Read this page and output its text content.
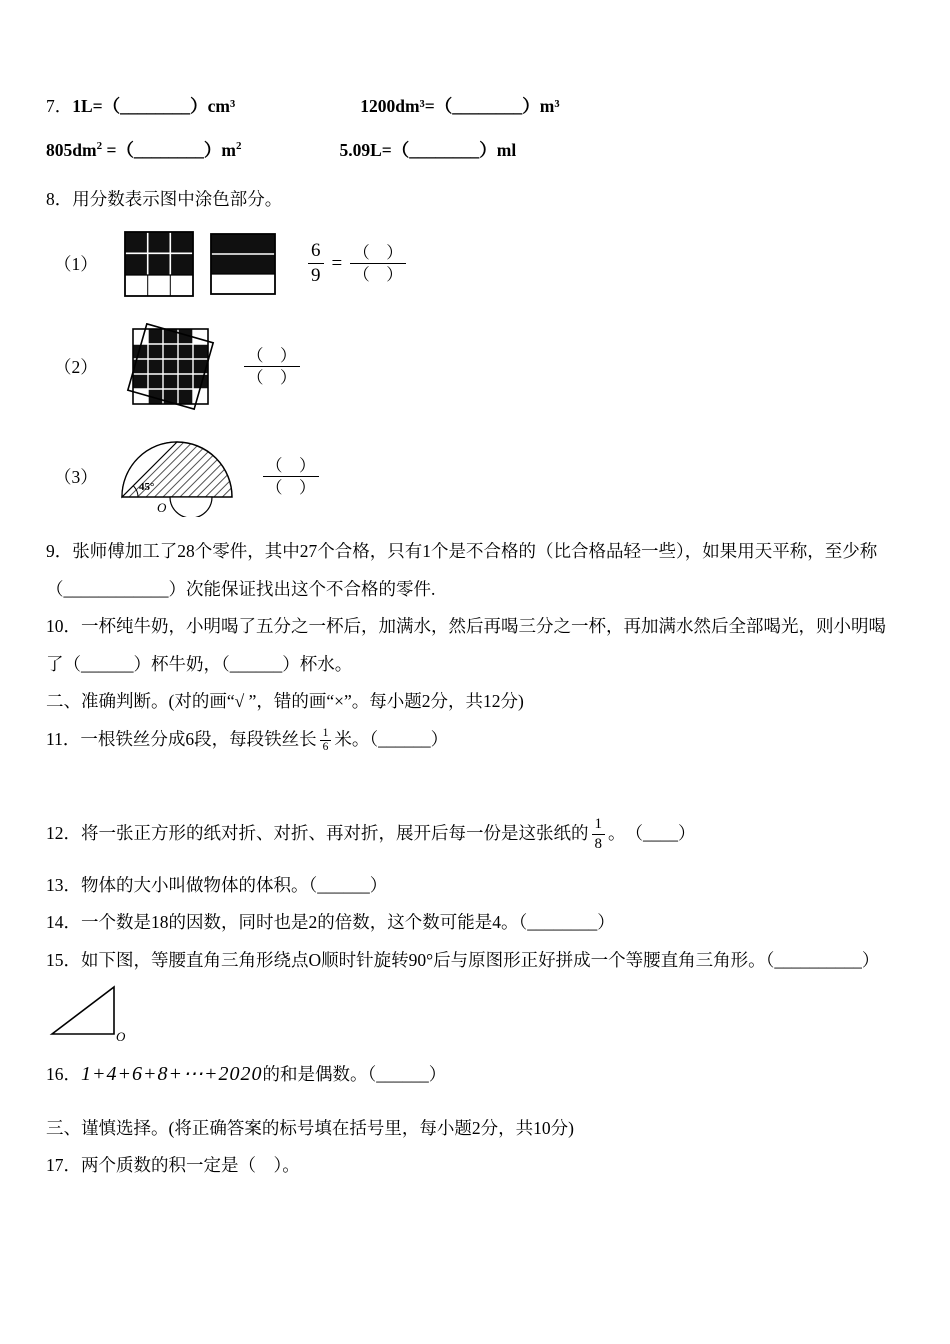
7．1L=（________）cm³	1200dm³=（________）m³

$805dm^2$ $=(\_\_\_\_\_\_\_\_)m^2$	5.09L=（________）ml

8．用分数表示图中涂色部分。

（1）	$\frac{6}{9} = \frac{( )}{( )}$
（2）	$\frac{( )}{( )}$
（3）	45°
O
$\frac{( )}{( )}$

9．张师傅加工了28个零件，其中27个合格，只有1个是不合格的（比合格品轻一些），如果用天平称，至少称（____________）次能保证找出这个不合格的零件.

10．一杯纯牛奶，小明喝了五分之一杯后，加满水，然后再喝三分之一杯，再加满水然后全部喝光，则小明喝了（______）杯牛奶，（______）杯水。

二、准确判断。(对的画“√ ”，错的画“×”。每小题2分，共12分)

11．一根铁丝分成6段，每段铁丝长 $\frac{1}{6}$ 米。（______）

12．将一张正方形的纸对折、对折、再对折，展开后每一份是这张纸的 $\frac{1}{8}$ 。　（____）

13．物体的大小叫做物体的体积。（______）

14．一个数是18的因数，同时也是2的倍数，这个数可能是4。（________）

15．如下图，等腰直角三角形绕点O顺时针旋转90°后与原图形正好拼成一个等腰直角三角形。（__________）

O

16．1+4+6+8+⋯+2020的和是偶数。（______）

三、谨慎选择。(将正确答案的标号填在括号里，每小题2分，共10分)

17．两个质数的积一定是（　）。
